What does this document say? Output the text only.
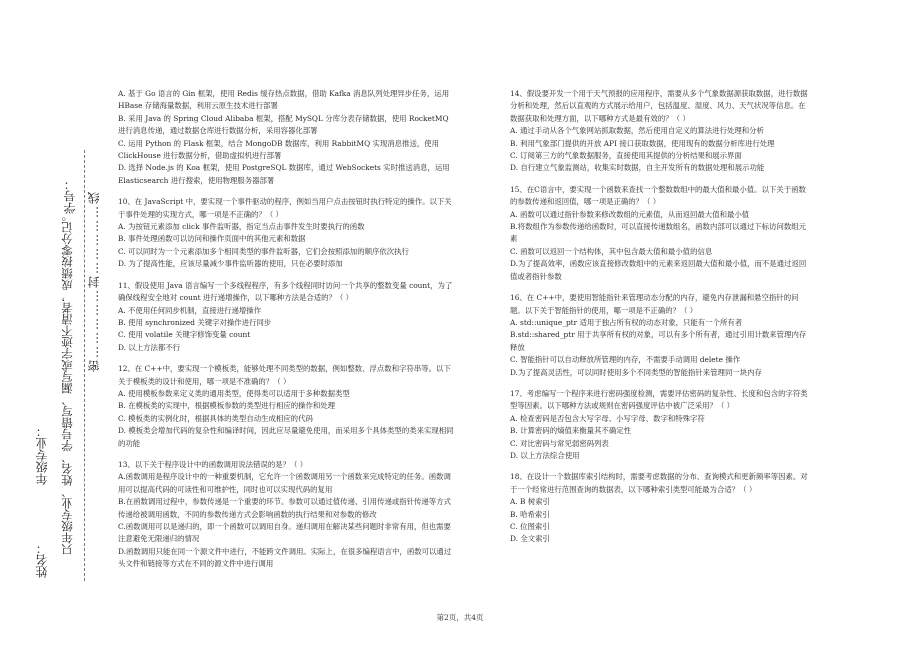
年级专业：
姓名：
只年级专业、姓名、学号错写、漏写或字迹不清者，成绩按零分记。
学号： 密……………封……………线

A. 基于 Go 语言的 Gin 框架，使用 Redis 缓存热点数据，借助 Kafka 消息队列处理异步任务，运用 HBase 存储海量数据，利用云原生技术进行部署

B. 采用 Java 的 Spring Cloud Alibaba 框架，搭配 MySQL 分库分表存储数据，使用 RocketMQ 进行消息传递，通过数据仓库进行数据分析，采用容器化部署

C. 运用 Python 的 Flask 框架，结合 MongoDB 数据库，利用 RabbitMQ 实现消息推送，使用 ClickHouse 进行数据分析，借助虚拟机进行部署

D. 选择 Node.js 的 Koa 框架，使用 PostgreSQL 数据库，通过 WebSockets 实时推送消息，运用 Elasticsearch 进行搜索，使用物理服务器部署

10、在 JavaScript 中，要实现一个事件驱动的程序，例如当用户点击按钮时执行特定的操作。以下关于事件处理的实现方式，哪一项是不正确的？（ ）

A. 为按钮元素添加 click 事件监听器，指定当点击事件发生时要执行的函数

B. 事件处理函数可以访问和操作页面中的其他元素和数据

C. 可以同时为一个元素添加多个相同类型的事件监听器，它们会按照添加的顺序依次执行

D. 为了提高性能，应该尽量减少事件监听器的使用，只在必要时添加

11、假设使用 Java 语言编写一个多线程程序，有多个线程同时访问一个共享的整数变量 count，为了确保线程安全地对 count 进行递增操作，以下哪种方法是合适的？（ ）

A. 不使用任何同步机制，直接进行递增操作

B. 使用 synchronized 关键字对操作进行同步

C. 使用 volatile 关键字修饰变量 count

D. 以上方法都不行

12、在 C++中，要实现一个模板类，能够处理不同类型的数据，例如整数、浮点数和字符串等。以下关于模板类的设计和使用，哪一项是不准确的？（ ）

A. 使用模板参数来定义类的通用类型，使得类可以适用于多种数据类型

B. 在模板类的实现中，根据模板参数的类型进行相应的操作和处理

C. 模板类的实例化时，根据具体的类型自动生成相应的代码

D. 模板类会增加代码的复杂性和编译时间，因此应尽量避免使用，而采用多个具体类型的类来实现相同的功能

13、以下关于程序设计中的函数调用说法错误的是？（ ）

A.函数调用是程序设计中的一种重要机制，它允许一个函数调用另一个函数来完成特定的任务。函数调用可以提高代码的可读性和可维护性，同时也可以实现代码的复用

B.在函数调用过程中，参数传递是一个重要的环节。参数可以通过值传递、引用传递或指针传递等方式传递给被调用函数，不同的参数传递方式会影响函数的执行结果和对参数的修改

C.函数调用可以是递归的，即一个函数可以调用自身。递归调用在解决某些问题时非常有用，但也需要注意避免无限递归的情况

D.函数调用只能在同一个源文件中进行，不能跨文件调用。实际上，在很多编程语言中，函数可以通过头文件和链接等方式在不同的源文件中进行调用

14、假设要开发一个用于天气预报的应用程序，需要从多个气象数据源获取数据，进行数据分析和处理，然后以直观的方式展示给用户，包括温度、湿度、风力、天气状况等信息。在数据获取和处理方面，以下哪种方式是最有效的？（ ）

A. 通过手动从各个气象网站抓取数据，然后使用自定义的算法进行处理和分析

B. 利用气象部门提供的开放 API 接口获取数据，使用现有的数据分析库进行处理

C. 订阅第三方的气象数据服务，直接使用其提供的分析结果和展示界面

D. 自行建立气象监测站，收集实时数据，自主开发所有的数据处理和展示功能

15、在C语言中，要实现一个函数来查找一个整数数组中的最大值和最小值。以下关于函数的参数传递和返回值，哪一项是正确的？（ ）

A. 函数可以通过指针参数来修改数组的元素值，从而返回最大值和最小值

B.将数组作为参数传递给函数时，可以直接传递数组名，函数内部可以通过下标访问数组元素

C. 函数可以返回一个结构体，其中包含最大值和最小值的信息

D.为了提高效率，函数应该直接修改数组中的元素来返回最大值和最小值，而不是通过返回值或者指针参数

16、在 C++中，要使用智能指针来管理动态分配的内存，避免内存泄漏和悬空指针的问题。以下关于智能指针的使用，哪一项是不正确的？（ ）

A. std::unique_ptr 适用于独占所有权的动态对象，只能有一个所有者

B.std::shared_ptr 用于共享所有权的对象，可以有多个所有者，通过引用计数来管理内存释放

C. 智能指针可以自动释放所管理的内存，不需要手动调用 delete 操作

D.为了提高灵活性，可以同时使用多个不同类型的智能指针来管理同一块内存

17、考虑编写一个程序来进行密码强度检测，需要评估密码的复杂性、长度和包含的字符类型等因素。以下哪种方法或规则在密码强度评估中被广泛采用？（ ）

A. 检查密码是否包含大写字母、小写字母、数字和特殊字符

B. 计算密码的熵值来衡量其不确定性

C. 对比密码与常见弱密码列表

D. 以上方法综合使用

18、在设计一个数据库索引结构时，需要考虑数据的分布、查询模式和更新频率等因素。对于一个经常进行范围查询的数据表，以下哪种索引类型可能最为合适？（ ）

A. B 树索引

B. 哈希索引

C. 位图索引

D. 全文索引

第2页，共4页
